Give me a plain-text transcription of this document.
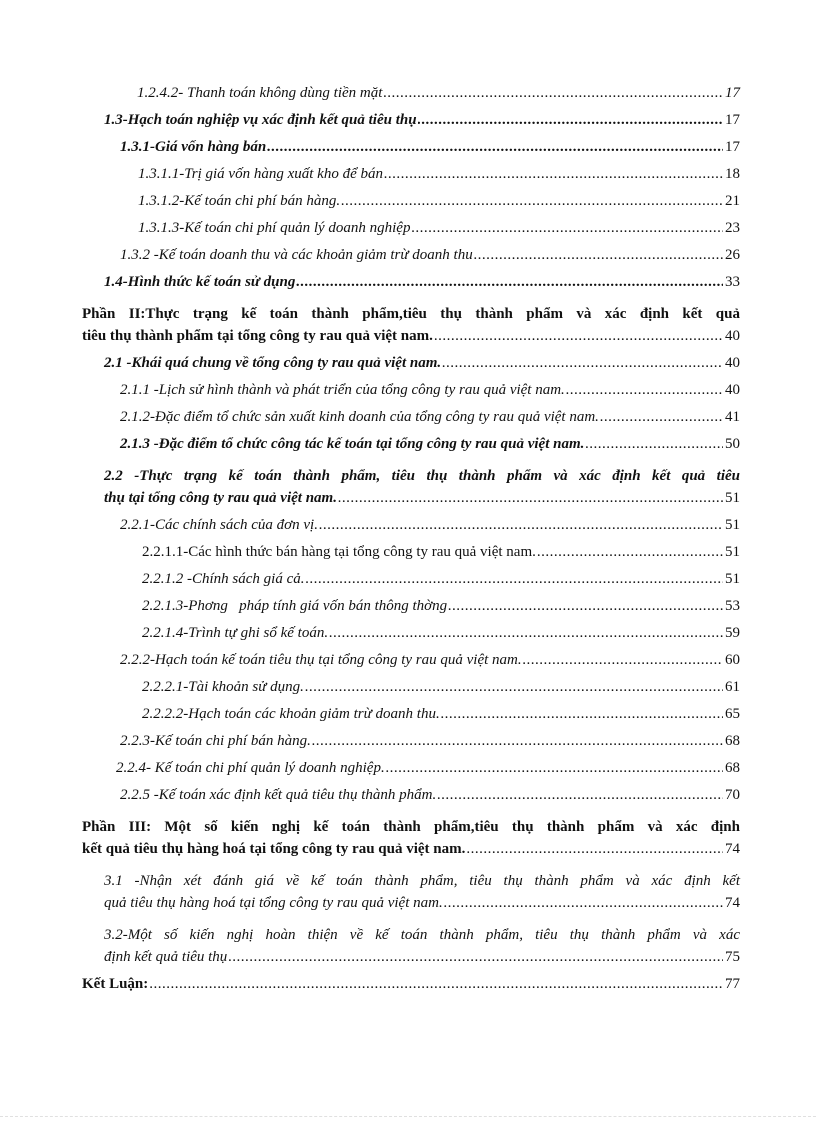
1.2.4.2- Thanh toán không dùng tiền mặt .....	17
1.3-Hạch toán nghiệp vụ xác định kết quả tiêu thụ .....	17
1.3.1-Giá vốn hàng bán .....	17
1.3.1.1-Trị giá vốn hàng xuất kho để bán .....	18
1.3.1.2-Kế toán chi phí bán hàng. .....	21
1.3.1.3-Kế toán chi phí quản lý doanh nghiệp .....	23
1.3.2 -Kế toán doanh thu và các khoản giảm trừ doanh thu .....	26
1.4-Hình thức kế toán sử dụng .....	33
Phần II:Thực trạng kế toán thành phẩm,tiêu thụ thành phẩm và xác định kết quả
tiêu thụ thành phẩm tại tổng công ty rau quả việt nam. .....	40
2.1 -Khái quá chung về tổng công ty rau quả việt nam. .....	40
2.1.1 -Lịch sử hình thành và phát triển của tổng công ty rau quả việt nam. .....	40
2.1.2-Đặc điểm tổ chức sản xuất kinh doanh của tổng công ty rau quả việt nam. .....	41
2.1.3 -Đặc điểm tổ chức công tác kế toán tại tổng công ty rau quả việt nam. .....	50
2.2 -Thực trạng kế toán thành phẩm, tiêu thụ thành phẩm và xác định kết quả tiêu
thụ tại tổng công ty rau quả việt nam. .....	51
2.2.1-Các chính sách của đơn vị. .....	51
2.2.1.1-Các hình thức bán hàng tại tổng công ty rau quả việt nam. .....	51
2.2.1.2 -Chính sách giá cả. .....	51
2.2.1.3-Phơng   pháp tính giá vốn bán thông thờng .....	53
2.2.1.4-Trình tự ghi sổ kế toán. .....	59
2.2.2-Hạch toán kế toán tiêu thụ tại tổng công ty rau quả việt nam. .....	60
2.2.2.1-Tài khoản sử dụng. .....	61
2.2.2.2-Hạch toán các khoản giảm trừ doanh thu. .....	65
2.2.3-Kế toán chi phí bán hàng. .....	68
2.2.4- Kế toán chi phí quản lý doanh nghiệp. .....	68
2.2.5 -Kế toán xác định kết quả tiêu thụ thành phẩm. .....	70
Phần III: Một số kiến nghị kế toán thành phẩm,tiêu thụ thành phẩm và xác định
kết quả tiêu thụ hàng hoá tại tổng công ty rau quả việt nam. .....	74
3.1 -Nhận xét đánh giá về kế toán thành phẩm, tiêu thụ thành phẩm và xác định kết
quả tiêu thụ hàng hoá tại tổng công ty rau quả việt nam. .....	74
3.2-Một số kiến nghị hoàn thiện về kế toán thành phẩm, tiêu thụ thành phẩm và xác
định kết quả tiêu thụ .....	75
Kết Luận: .....	77
